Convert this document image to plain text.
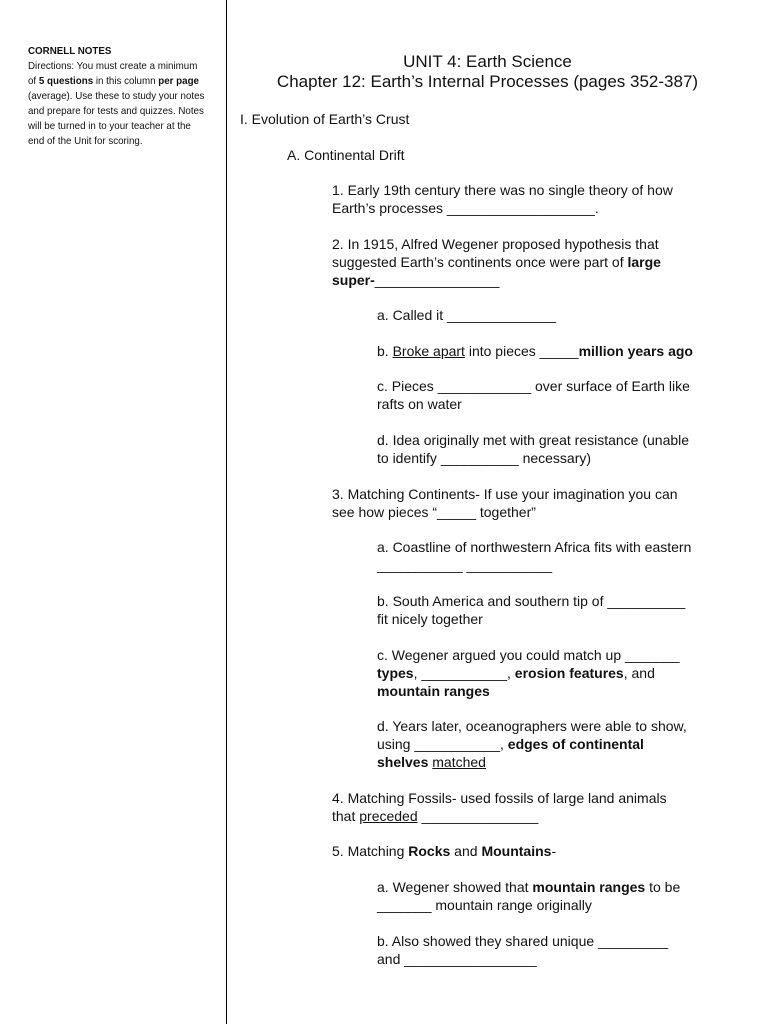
CORNELL NOTES
Directions: You must create a minimum
of 5 questions in this column per page
(average). Use these to study your notes
and prepare for tests and quizzes. Notes
will be turned in to your teacher at the
end of the Unit for scoring.
UNIT 4: Earth Science
Chapter 12: Earth’s Internal Processes (pages 352-387)
I. Evolution of Earth’s Crust
A. Continental Drift
1. Early 19th century there was no single theory of how
Earth’s processes ___________________.
2. In 1915, Alfred Wegener proposed hypothesis that
suggested Earth’s continents once were part of large
super-________________
a. Called it ______________
b. Broke apart into pieces _____million years ago
c. Pieces ____________ over surface of Earth like
rafts on water
d. Idea originally met with great resistance (unable
to identify __________ necessary)
3. Matching Continents- If use your imagination you can
see how pieces “_____ together”
a. Coastline of northwestern Africa fits with eastern
___________ ___________
b. South America and southern tip of __________
fit nicely together
c. Wegener argued you could match up _______
types, ___________, erosion features, and
mountain ranges
d. Years later, oceanographers were able to show,
using ___________, edges of continental
shelves matched
4. Matching Fossils- used fossils of large land animals
that preceded _______________
5. Matching Rocks and Mountains-
a. Wegener showed that mountain ranges to be
_______ mountain range originally
b. Also showed they shared unique _________
and _________________
